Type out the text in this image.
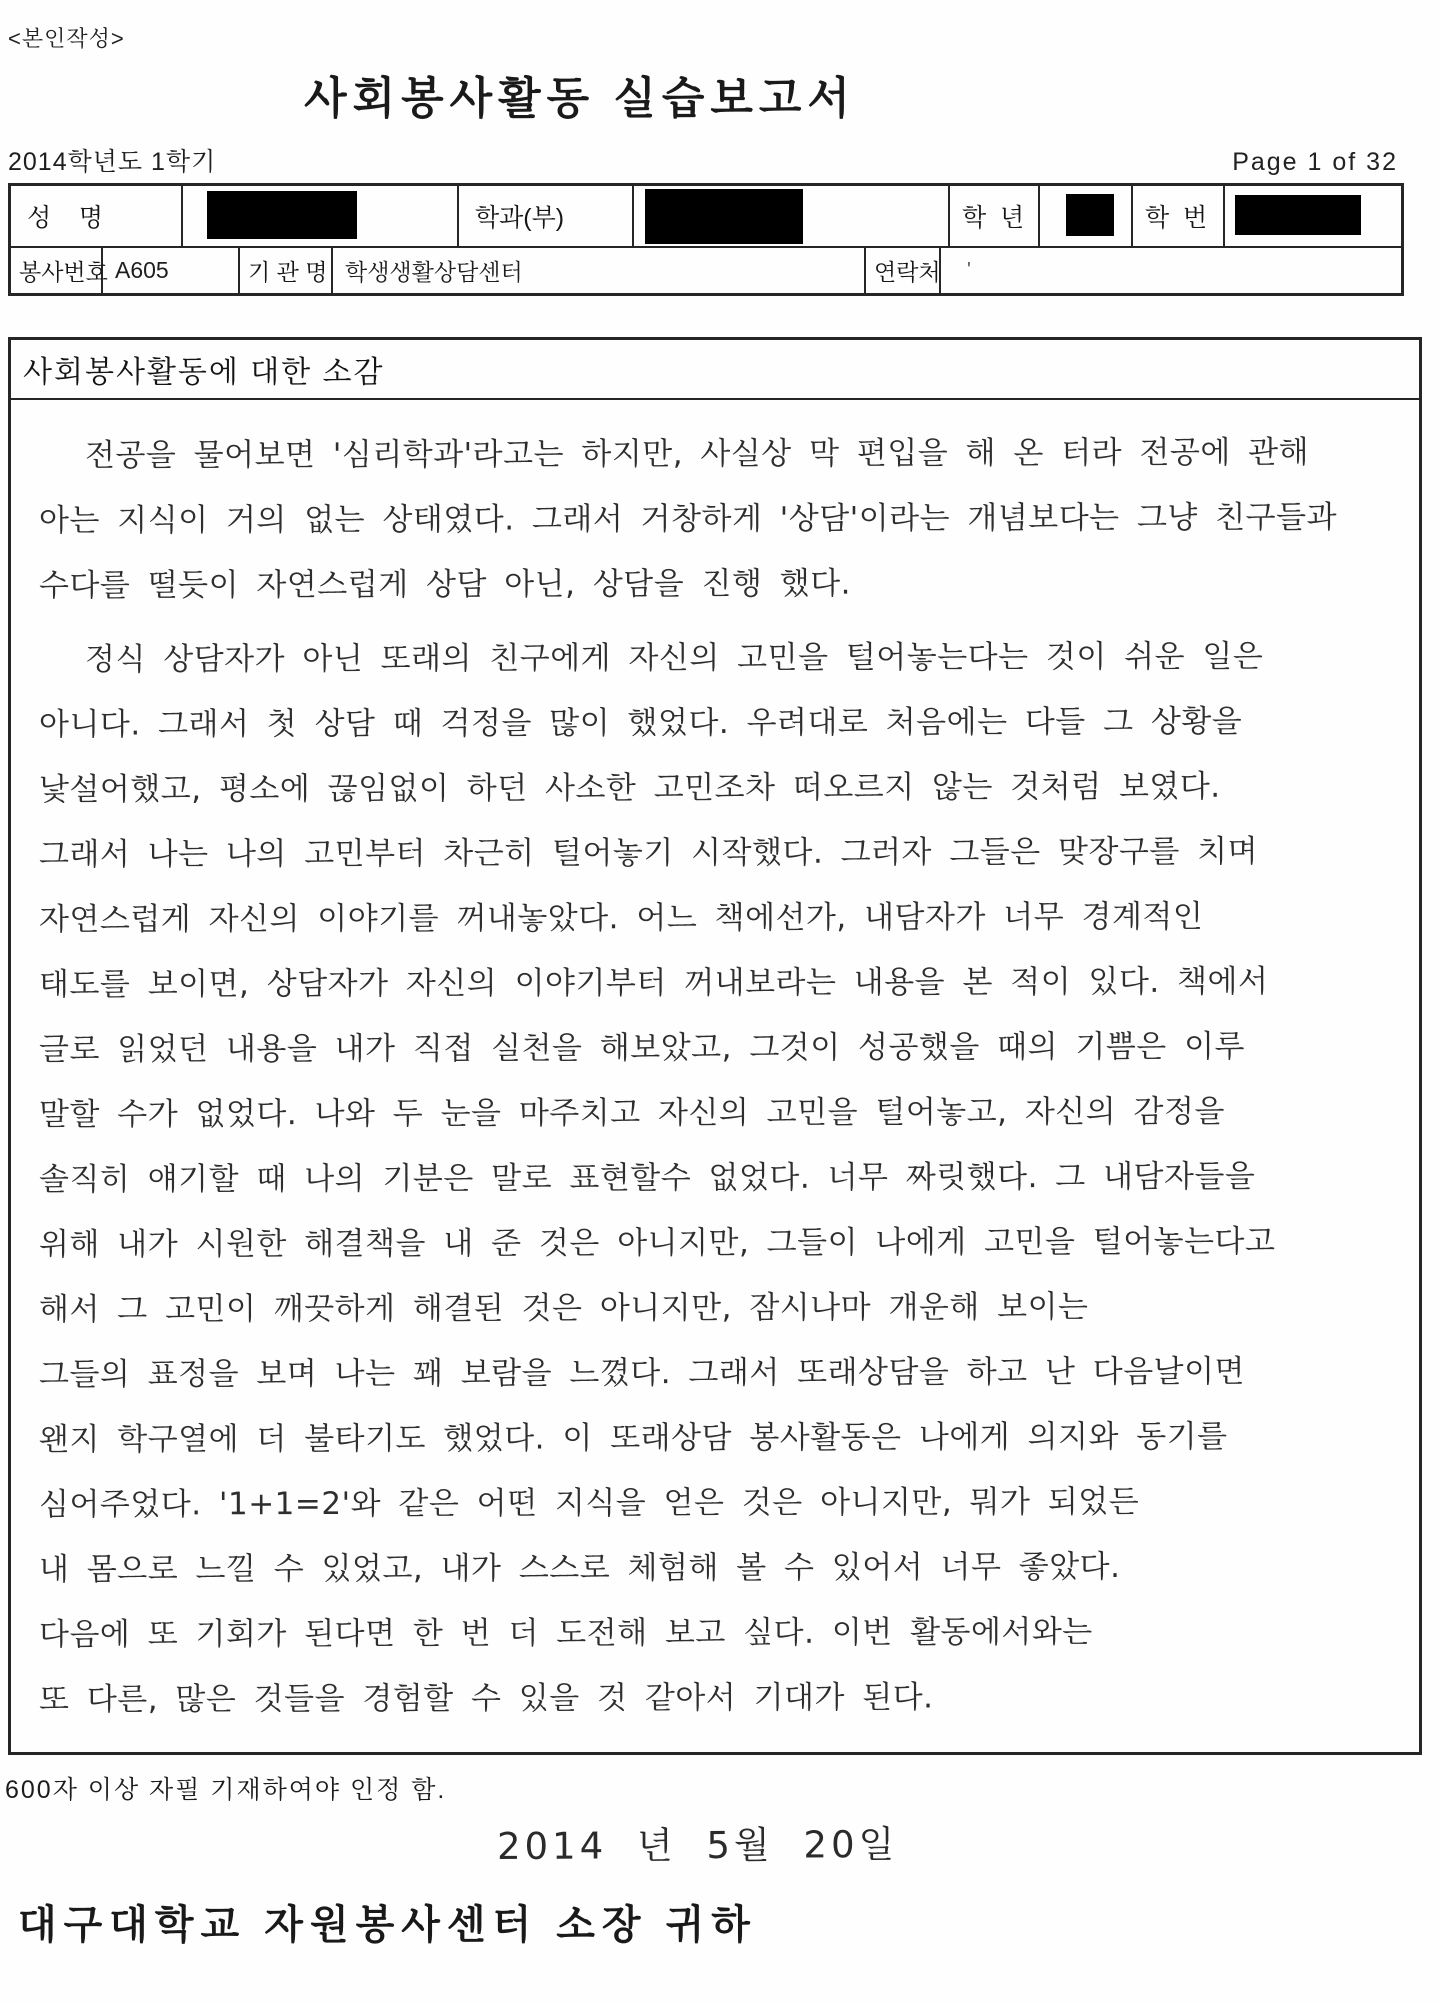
<본인작성>
사회봉사활동 실습보고서
2014학년도 1학기	Page 1 of 32
성    명	학과(부)	학  년	학  번
봉사번호 A605	기 관 명 학생생활상담센터	연락처	'
사회봉사활동에 대한 소감
전공을 물어보면 '심리학과'라고는 하지만, 사실상 막 편입을 해 온 터라 전공에 관해
아는 지식이 거의 없는 상태였다. 그래서 거창하게 '상담'이라는 개념보다는 그냥 친구들과
수다를 떨듯이 자연스럽게 상담 아닌, 상담을 진행 했다.
정식 상담자가 아닌 또래의 친구에게 자신의 고민을 털어놓는다는 것이 쉬운 일은
아니다. 그래서 첫 상담 때 걱정을 많이 했었다. 우려대로 처음에는 다들 그 상황을
낯설어했고, 평소에 끊임없이 하던 사소한 고민조차 떠오르지 않는 것처럼 보였다.
그래서 나는 나의 고민부터 차근히 털어놓기 시작했다. 그러자 그들은 맞장구를 치며
자연스럽게 자신의 이야기를 꺼내놓았다. 어느 책에선가, 내담자가 너무 경계적인
태도를 보이면, 상담자가 자신의 이야기부터 꺼내보라는 내용을 본 적이 있다. 책에서
글로 읽었던 내용을 내가 직접 실천을 해보았고, 그것이 성공했을 때의 기쁨은 이루
말할 수가 없었다. 나와 두 눈을 마주치고 자신의 고민을 털어놓고, 자신의 감정을
솔직히 얘기할 때 나의 기분은 말로 표현할수 없었다. 너무 짜릿했다. 그 내담자들을
위해 내가 시원한 해결책을 내 준 것은 아니지만, 그들이 나에게 고민을 털어놓는다고
해서 그 고민이 깨끗하게 해결된 것은 아니지만, 잠시나마 개운해 보이는
그들의 표정을 보며 나는 꽤 보람을 느꼈다. 그래서 또래상담을 하고 난 다음날이면
왠지 학구열에 더 불타기도 했었다. 이 또래상담 봉사활동은 나에게 의지와 동기를
심어주었다. '1+1=2'와 같은 어떤 지식을 얻은 것은 아니지만, 뭐가 되었든
내 몸으로 느낄 수 있었고, 내가 스스로 체험해 볼 수 있어서 너무 좋았다.
다음에 또 기회가 된다면 한 번 더 도전해 보고 싶다. 이번 활동에서와는
또 다른, 많은 것들을 경험할 수 있을 것 같아서 기대가 된다.
600자 이상 자필 기재하여야 인정 함.
2014 년 5월 20일
대구대학교 자원봉사센터 소장 귀하
